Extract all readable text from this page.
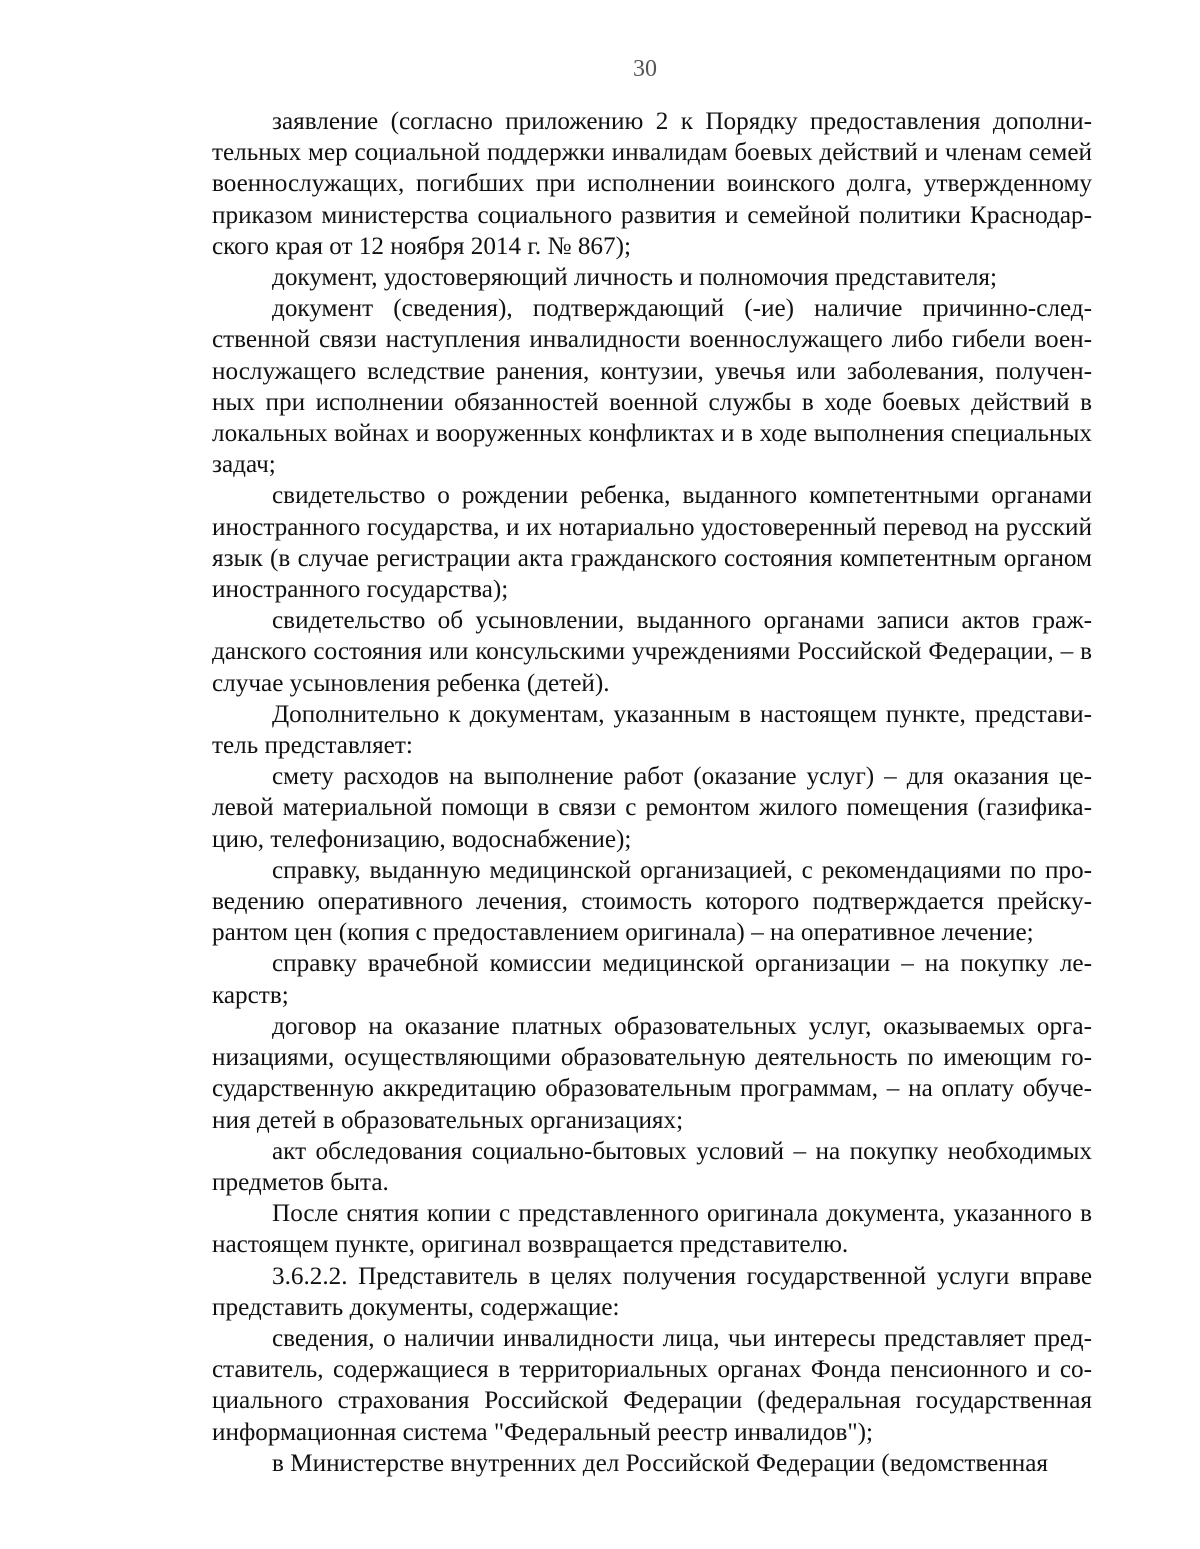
30

заявление (согласно приложению 2 к Порядку предоставления дополнительных мер социальной поддержки инвалидам боевых действий и членам семей военнослужащих, погибших при исполнении воинского долга, утвержденному приказом министерства социального развития и семейной политики Краснодарского края от 12 ноября 2014 г. № 867);

документ, удостоверяющий личность и полномочия представителя;

документ (сведения), подтверждающий (-ие) наличие причинно-следственной связи наступления инвалидности военнослужащего либо гибели военнослужащего вследствие ранения, контузии, увечья или заболевания, полученных при исполнении обязанностей военной службы в ходе боевых действий в локальных войнах и вооруженных конфликтах и в ходе выполнения специальных задач;

свидетельство о рождении ребенка, выданного компетентными органами иностранного государства, и их нотариально удостоверенный перевод на русский язык (в случае регистрации акта гражданского состояния компетентным органом иностранного государства);

свидетельство об усыновлении, выданного органами записи актов гражданского состояния или консульскими учреждениями Российской Федерации, – в случае усыновления ребенка (детей).

Дополнительно к документам, указанным в настоящем пункте, представитель представляет:

смету расходов на выполнение работ (оказание услуг) – для оказания целевой материальной помощи в связи с ремонтом жилого помещения (газификацию, телефонизацию, водоснабжение);

справку, выданную медицинской организацией, с рекомендациями по проведению оперативного лечения, стоимость которого подтверждается прейскурантом цен (копия с предоставлением оригинала) – на оперативное лечение;

справку врачебной комиссии медицинской организации – на покупку лекарств;

договор на оказание платных образовательных услуг, оказываемых организациями, осуществляющими образовательную деятельность по имеющим государственную аккредитацию образовательным программам, – на оплату обучения детей в образовательных организациях;

акт обследования социально-бытовых условий – на покупку необходимых предметов быта.

После снятия копии с представленного оригинала документа, указанного в настоящем пункте, оригинал возвращается представителю.

3.6.2.2. Представитель в целях получения государственной услуги вправе представить документы, содержащие:

сведения, о наличии инвалидности лица, чьи интересы представляет представитель, содержащиеся в территориальных органах Фонда пенсионного и социального страхования Российской Федерации (федеральная государственная информационная система "Федеральный реестр инвалидов");

в Министерстве внутренних дел Российской Федерации (ведомственная
